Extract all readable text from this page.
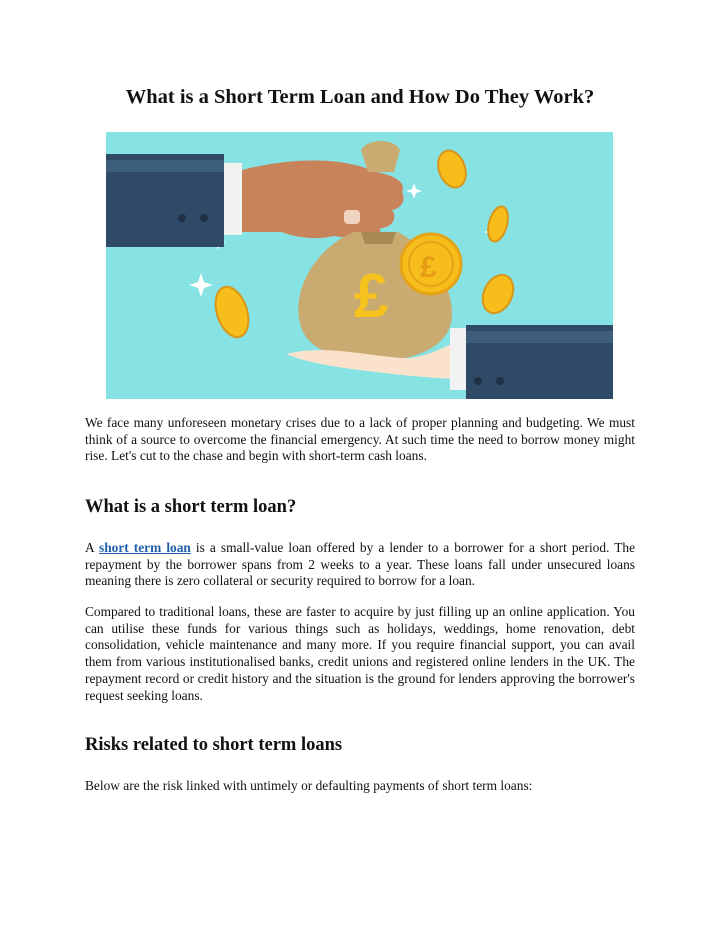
What is a Short Term Loan and How Do They Work?
£ £

We face many unforeseen monetary crises due to a lack of proper planning and budgeting. We must think of a source to overcome the financial emergency. At such time the need to borrow money might rise. Let's cut to the chase and begin with short-term cash loans.

What is a short term loan?

A short term loan is a small-value loan offered by a lender to a borrower for a short period. The repayment by the borrower spans from 2 weeks to a year. These loans fall under unsecured loans meaning there is zero collateral or security required to borrow for a loan.

Compared to traditional loans, these are faster to acquire by just filling up an online application. You can utilise these funds for various things such as holidays, weddings, home renovation, debt consolidation, vehicle maintenance and many more. If you require financial support, you can avail them from various institutionalised banks, credit unions and registered online lenders in the UK. The repayment record or credit history and the situation is the ground for lenders approving the borrower's request seeking loans.

Risks related to short term loans

Below are the risk linked with untimely or defaulting payments of short term loans:
